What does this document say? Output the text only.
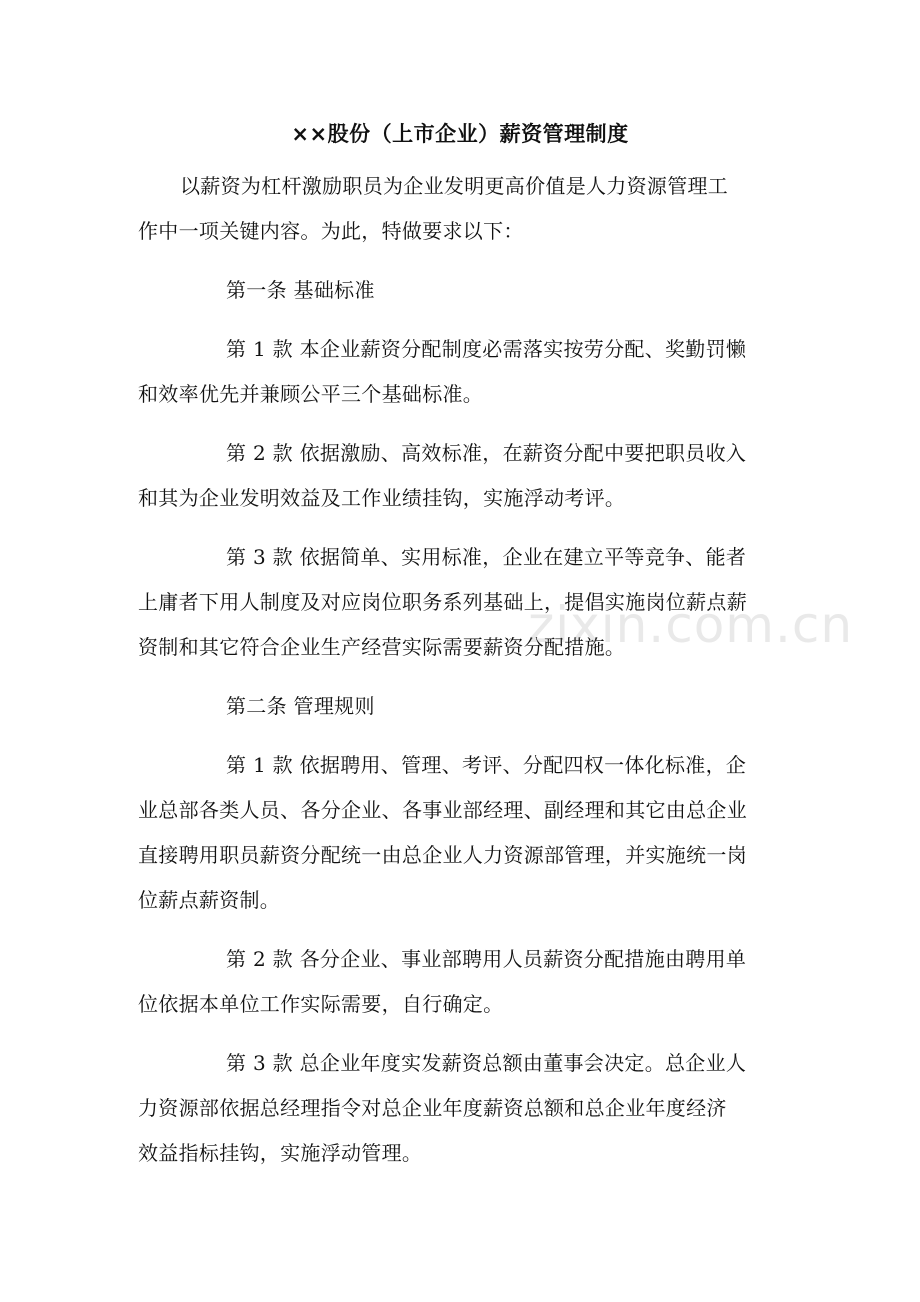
××股份（上市企业）薪资管理制度

以薪资为杠杆激励职员为企业发明更高价值是人力资源管理工
作中一项关键内容。为此，特做要求以下：

第一条 基础标准

第 1 款 本企业薪资分配制度必需落实按劳分配、奖勤罚懒
和效率优先并兼顾公平三个基础标准。

第 2 款 依据激励、高效标准，在薪资分配中要把职员收入
和其为企业发明效益及工作业绩挂钩，实施浮动考评。

第 3 款 依据简单、实用标准，企业在建立平等竞争、能者
上庸者下用人制度及对应岗位职务系列基础上，提倡实施岗位薪点薪
资制和其它符合企业生产经营实际需要薪资分配措施。

第二条 管理规则

第 1 款 依据聘用、管理、考评、分配四权一体化标准，企
业总部各类人员、各分企业、各事业部经理、副经理和其它由总企业
直接聘用职员薪资分配统一由总企业人力资源部管理，并实施统一岗
位薪点薪资制。

第 2 款 各分企业、事业部聘用人员薪资分配措施由聘用单
位依据本单位工作实际需要，自行确定。

第 3 款 总企业年度实发薪资总额由董事会决定。总企业人
力资源部依据总经理指令对总企业年度薪资总额和总企业年度经济
效益指标挂钩，实施浮动管理。

zixin.com.cn
